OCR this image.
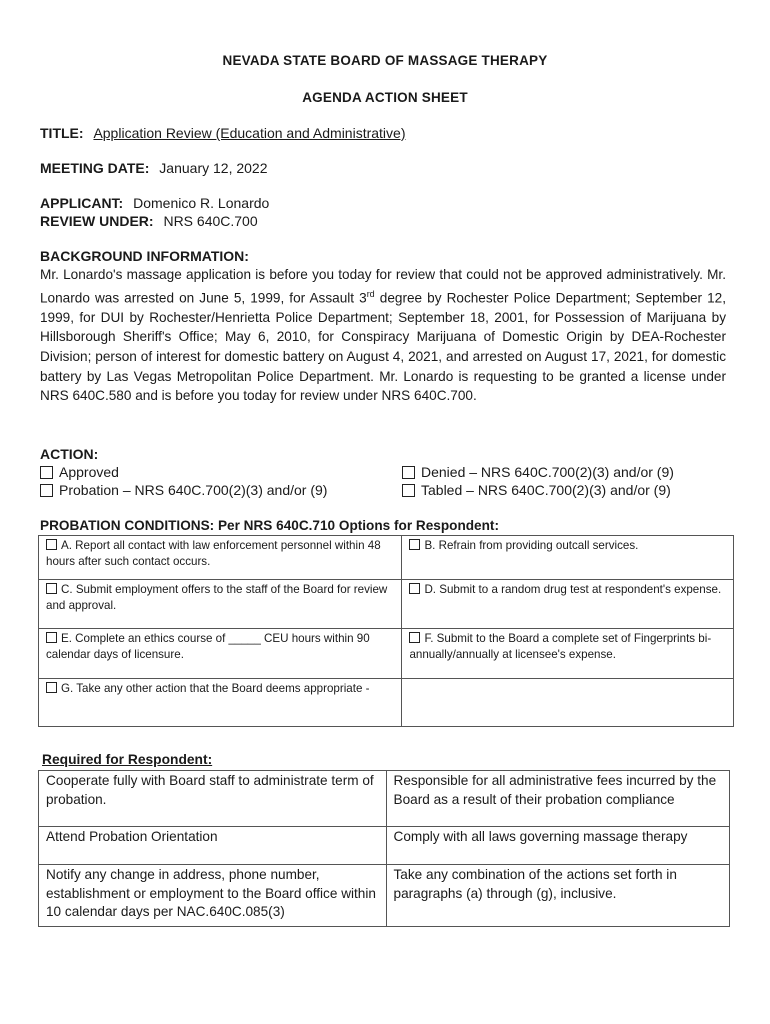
NEVADA STATE BOARD OF MASSAGE THERAPY
AGENDA ACTION SHEET
TITLE: Application Review (Education and Administrative)
MEETING DATE: January 12, 2022
APPLICANT: Domenico R. Lonardo
REVIEW UNDER: NRS 640C.700
BACKGROUND INFORMATION:
Mr. Lonardo's massage application is before you today for review that could not be approved administratively. Mr. Lonardo was arrested on June 5, 1999, for Assault 3rd degree by Rochester Police Department; September 12, 1999, for DUI by Rochester/Henrietta Police Department; September 18, 2001, for Possession of Marijuana by Hillsborough Sheriff's Office; May 6, 2010, for Conspiracy Marijuana of Domestic Origin by DEA-Rochester Division; person of interest for domestic battery on August 4, 2021, and arrested on August 17, 2021, for domestic battery by Las Vegas Metropolitan Police Department. Mr. Lonardo is requesting to be granted a license under NRS 640C.580 and is before you today for review under NRS 640C.700.
ACTION:
Approved
Probation – NRS 640C.700(2)(3) and/or (9)
Denied – NRS 640C.700(2)(3) and/or (9)
Tabled – NRS 640C.700(2)(3) and/or (9)
PROBATION CONDITIONS: Per NRS 640C.710 Options for Respondent:
A. Report all contact with law enforcement personnel within 48 hours after such contact occurs.	B. Refrain from providing outcall services.
C. Submit employment offers to the staff of the Board for review and approval.	D. Submit to a random drug test at respondent's expense.
E. Complete an ethics course of _____ CEU hours within 90 calendar days of licensure.	F. Submit to the Board a complete set of Fingerprints bi-annually/annually at licensee's expense.
G. Take any other action that the Board deems appropriate -	
Required for Respondent:
Cooperate fully with Board staff to administrate term of probation.	Responsible for all administrative fees incurred by the Board as a result of their probation compliance
Attend Probation Orientation	Comply with all laws governing massage therapy
Notify any change in address, phone number, establishment or employment to the Board office within 10 calendar days per NAC.640C.085(3)	Take any combination of the actions set forth in paragraphs (a) through (g), inclusive.
